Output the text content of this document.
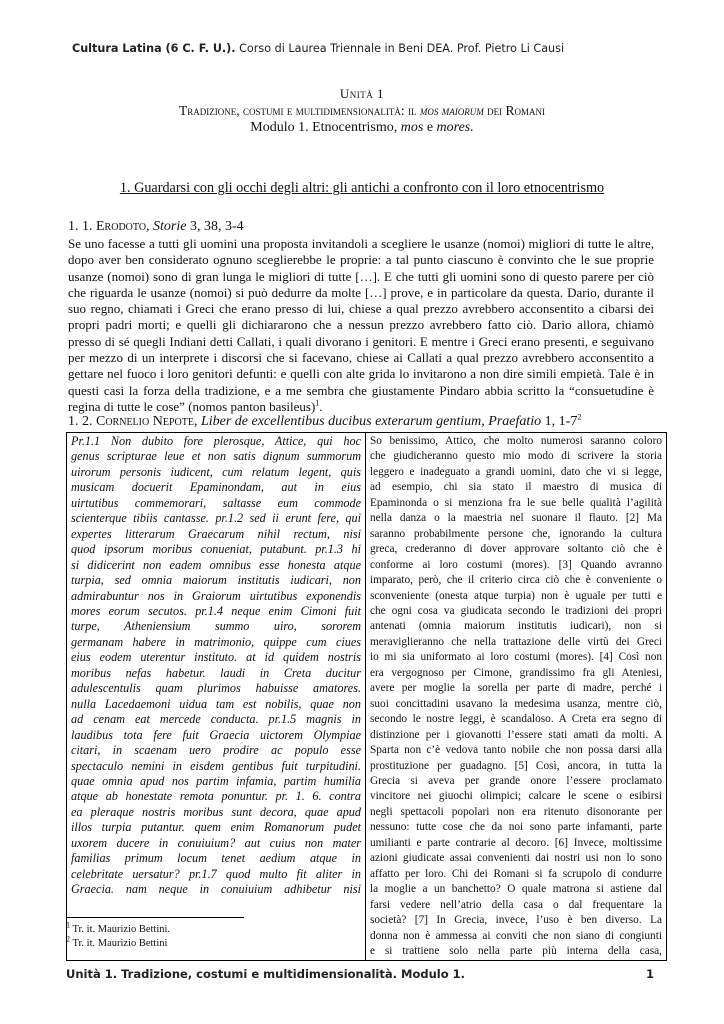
Cultura Latina (6 C. F. U.). Corso di Laurea Triennale in Beni DEA. Prof. Pietro Li Causi
Unità 1
Tradizione, costumi e multidimensionalità: il mos maiorum dei Romani
Modulo 1. Etnocentrismo, mos e mores.
1. Guardarsi con gli occhi degli altri: gli antichi a confronto con il loro etnocentrismo
1. 1. Erodoto, Storie 3, 38, 3-4
Se uno facesse a tutti gli uomini una proposta invitandoli a scegliere le usanze (nomoi) migliori di tutte le altre,
dopo aver ben considerato ognuno sceglierebbe le proprie: a tal punto ciascuno è convinto che le sue proprie
usanze (nomoi) sono di gran lunga le migliori di tutte […]. E che tutti gli uomini sono di questo parere per ciò
che riguarda le usanze (nomoi) si può dedurre da molte […] prove, e in particolare da questa. Dario, durante il
suo regno, chiamati i Greci che erano presso di lui, chiese a qual prezzo avrebbero acconsentito a cibarsi dei
propri padri morti; e quelli gli dichiararono che a nessun prezzo avrebbero fatto ciò. Dario allora, chiamò
presso di sé quegli Indiani detti Callati, i quali divorano i genitori. E mentre i Greci erano presenti, e seguivano
per mezzo di un interprete i discorsi che si facevano, chiese ai Callati a qual prezzo avrebbero acconsentito a
gettare nel fuoco i loro genitori defunti: e quelli con alte grida lo invitarono a non dire simili empietà. Tale è in
questi casi la forza della tradizione, e a me sembra che giustamente Pindaro abbia scritto la “consuetudine è
regina di tutte le cose” (nomos panton basileus)$^1$.
1. 2. Cornelio Nepote, Liber de excellentibus ducibus exterarum gentium, Praefatio 1, $1-7^2$
Pr.1.1 Non dubito fore plerosque, Attice, qui hoc
genus scripturae leue et non satis dignum summorum
uirorum personis iudicent, cum relatum legent, quis
musicam docuerit Epaminondam, aut in eius
uirtutibus commemorari, saltasse eum commode
scienterque tibiis cantasse. pr.1.2 sed ii erunt fere, qui
expertes litterarum Graecarum nihil rectum, nisi
quod ipsorum moribus conueniat, putabunt. pr.1.3 hi
si didicerint non eadem omnibus esse honesta atque
turpia, sed omnia maiorum institutis iudicari, non
admirabuntur nos in Graiorum uirtutibus exponendis
mores eorum secutos. pr.1.4 neque enim Cimoni fuit
turpe, Atheniensium summo uiro, sororem
germanam habere in matrimonio, quippe cum ciues
eius eodem uterentur instituto. at id quidem nostris
moribus nefas habetur. laudi in Creta ducitur
adulescentulis quam plurimos habuisse amatores.
nulla Lacedaemoni uidua tam est nobilis, quae non
ad cenam eat mercede conducta. pr.1.5 magnis in
laudibus tota fere fuit Graecia uictorem Olympiae
citari, in scaenam uero prodire ac populo esse
spectaculo nemini in eisdem gentibus fuit turpitudini.
quae omnia apud nos partim infamia, partim humilia
atque ab honestate remota ponuntur. pr. 1. 6. contra
ea pleraque nostris moribus sunt decora, quae apud
illos turpia putantur. quem enim Romanorum pudet
uxorem ducere in conuiuium? aut cuius non mater
familias primum locum tenet aedium atque in
celebritate uersatur? pr.1.7 quod multo fit aliter in
Graecia. nam neque in conuiuium adhibetur nisi

So benissimo, Attico, che molto numerosi saranno coloro
che giudicheranno questo mio modo di scrivere la storia
leggero e inadeguato a grandi uomini, dato che vi si legge,
ad esempio, chi sia stato il maestro di musica di
Epaminonda o si menziona fra le sue belle qualità l’agilità
nella danza o la maestria nel suonare il flauto. [2] Ma
saranno probabilmente persone che, ignorando la cultura
greca, crederanno di dover approvare soltanto ciò che è
conforme ai loro costumi (mores). [3] Quando avranno
imparato, però, che il criterio circa ciò che è conveniente o
sconveniente (onesta atque turpia) non è uguale per tutti e
che ogni cosa va giudicata secondo le tradizioni dei propri
antenati (omnia maiorum institutis iudicari), non si
meraviglieranno che nella trattazione delle virtù dei Greci
io mi sia uniformato ai loro costumi (mores). [4] Così non
era vergognoso per Cimone, grandissimo fra gli Ateniesi,
avere per moglie la sorella per parte di madre, perché i
suoi concittadini usavano la medesima usanza, mentre ciò,
secondo le nostre leggi, è scandaloso. A Creta era segno di
distinzione per i giovanotti l’essere stati amati da molti. A
Sparta non c’è vedova tanto nobile che non possa darsi alla
prostituzione per guadagno. [5] Così, ancora, in tutta la
Grecia si aveva per grande onore l’essere proclamato
vincitore nei giuochi olimpici; calcare le scene o esibirsi
negli spettacoli popolari non era ritenuto disonorante per
nessuno: tutte cose che da noi sono parte infamanti, parte
umilianti e parte contrarie al decoro. [6] Invece, moltissime
azioni giudicate assai convenienti dai nostri usi non lo sono
affatto per loro. Chi dei Romani si fa scrupolo di condurre
la moglie a un banchetto? O quale matrona si astiene dal
farsi vedere nell’atrio della casa o dal frequentare la
società? [7] In Grecia, invece, l’uso è ben diverso. La
donna non è ammessa ai conviti che non siano di congiunti
e si trattiene solo nella parte più interna della casa,
$^1$ Tr. it. Maurizio Bettini.
$^2$ Tr. it. Maurizio Bettini
Unità 1. Tradizione, costumi e multidimensionalità. Modulo 1.	1
